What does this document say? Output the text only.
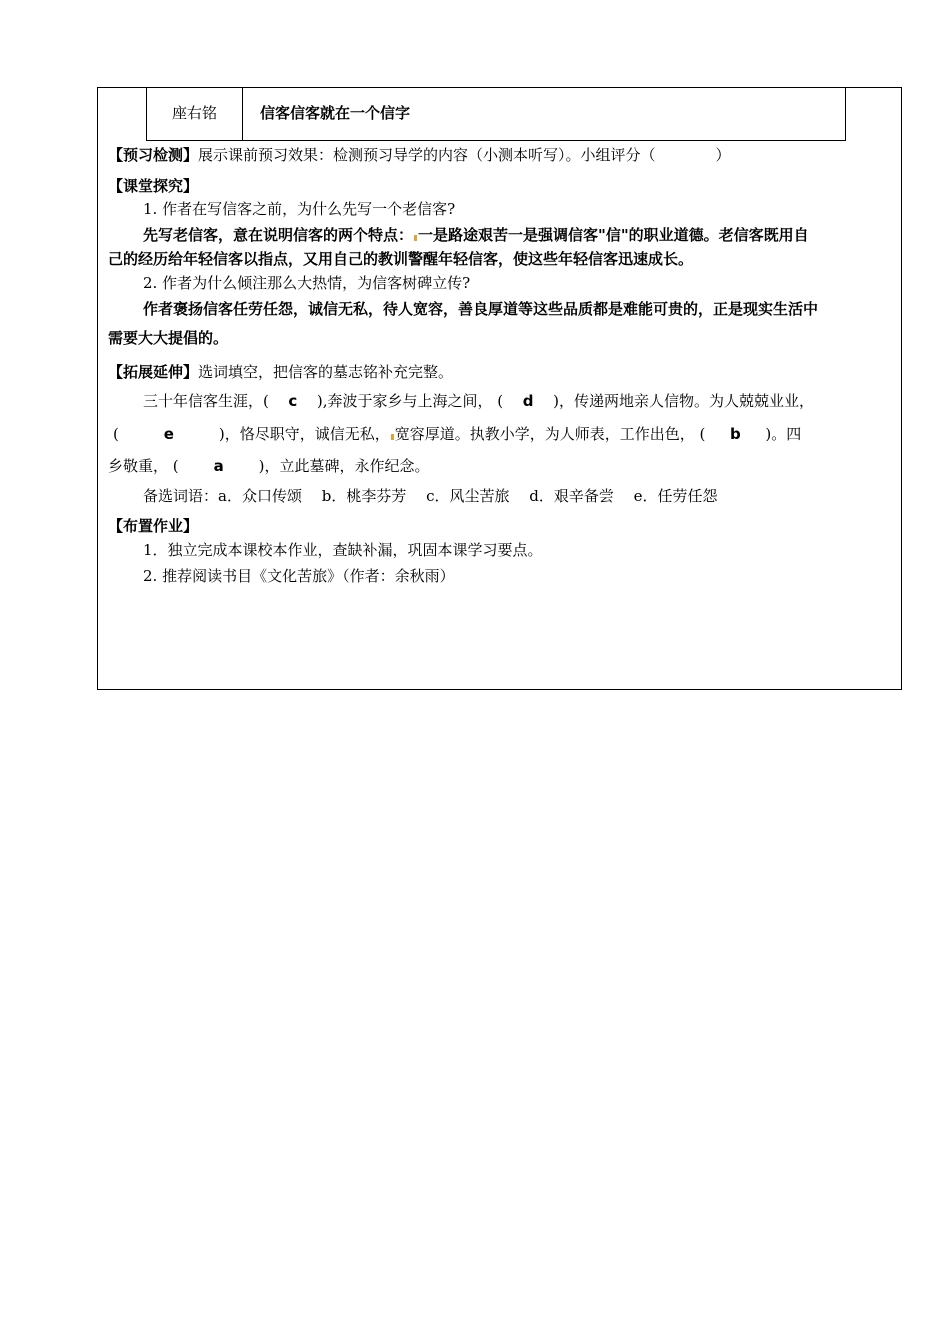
座右铭	信客信客就在一个信字
【预习检测】展示课前预习效果：检测预习导学的内容（小测本听写）。小组评分（　　　　）
【课堂探究】
1. 作者在写信客之前，为什么先写一个老信客?
先写老信客，意在说明信客的两个特点： 一是路途艰苦一是强调信客"信"的职业道德。老信客既用自
己的经历给年轻信客以指点，又用自己的教训警醒年轻信客，使这些年轻信客迅速成长。
2. 作者为什么倾注那么大热情，为信客树碑立传?
作者褒扬信客任劳任怨，诚信无私，待人宽容，善良厚道等这些品质都是难能可贵的，正是现实生活中
需要大大提倡的。
【拓展延伸】选词填空，把信客的墓志铭补充完整。
三十年信客生涯，( c ),奔波于家乡与上海之间， ( d )，传递两地亲人信物。为人兢兢业业，
(	e	)，恪尽职守，诚信无私， 宽容厚道。执教小学，为人师表，工作出色， ( b )。四
乡敬重， ( a )，立此墓碑，永作纪念。
备选词语：a．众口传颂　 b．桃李芬芳　 c．风尘苦旅　 d．艰辛备尝　 e．任劳任怨
【布置作业】
1．独立完成本课校本作业，查缺补漏，巩固本课学习要点。
2. 推荐阅读书目《文化苦旅》（作者：余秋雨）
